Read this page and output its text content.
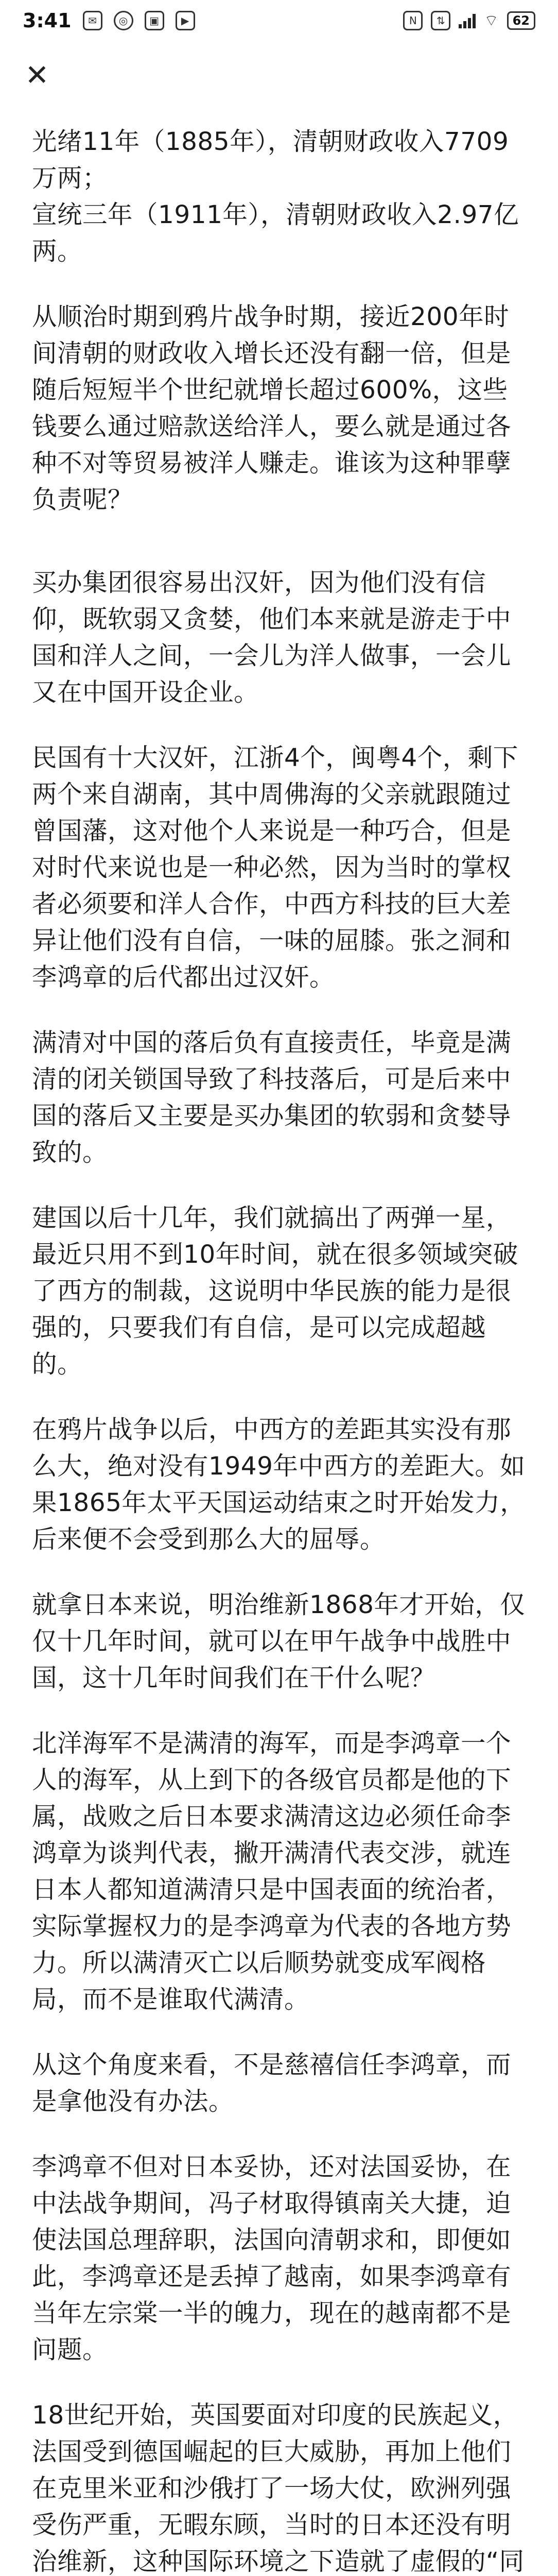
3:41	✉	◎	▣	▶	N	⇅	⌔	62
✕

光绪11年（1885年），清朝财政收入7709万两；
宣统三年（1911年），清朝财政收入2.97亿两。

从顺治时期到鸦片战争时期，接近200年时间清朝的财政收入增长还没有翻一倍，但是随后短短半个世纪就增长超过600%，这些钱要么通过赔款送给洋人，要么就是通过各种不对等贸易被洋人赚走。谁该为这种罪孽负责呢？

买办集团很容易出汉奸，因为他们没有信仰，既软弱又贪婪，他们本来就是游走于中国和洋人之间，一会儿为洋人做事，一会儿又在中国开设企业。

民国有十大汉奸，江浙4个，闽粤4个，剩下两个来自湖南，其中周佛海的父亲就跟随过曾国藩，这对他个人来说是一种巧合，但是对时代来说也是一种必然，因为当时的掌权者必须要和洋人合作，中西方科技的巨大差异让他们没有自信，一味的屈膝。张之洞和李鸿章的后代都出过汉奸。

满清对中国的落后负有直接责任，毕竟是满清的闭关锁国导致了科技落后，可是后来中国的落后又主要是买办集团的软弱和贪婪导致的。

建国以后十几年，我们就搞出了两弹一星，最近只用不到10年时间，就在很多领域突破了西方的制裁，这说明中华民族的能力是很强的，只要我们有自信，是可以完成超越的。

在鸦片战争以后，中西方的差距其实没有那么大，绝对没有1949年中西方的差距大。如果1865年太平天国运动结束之时开始发力，后来便不会受到那么大的屈辱。

就拿日本来说，明治维新1868年才开始，仅仅十几年时间，就可以在甲午战争中战胜中国，这十几年时间我们在干什么呢？

北洋海军不是满清的海军，而是李鸿章一个人的海军，从上到下的各级官员都是他的下属，战败之后日本要求满清这边必须任命李鸿章为谈判代表，撇开满清代表交涉，就连日本人都知道满清只是中国表面的统治者，实际掌握权力的是李鸿章为代表的各地方势力。所以满清灭亡以后顺势就变成军阀格局，而不是谁取代满清。

从这个角度来看，不是慈禧信任李鸿章，而是拿他没有办法。

李鸿章不但对日本妥协，还对法国妥协，在中法战争期间，冯子材取得镇南关大捷，迫使法国总理辞职，法国向清朝求和，即便如此，李鸿章还是丢掉了越南，如果李鸿章有当年左宗棠一半的魄力，现在的越南都不是问题。

18世纪开始，英国要面对印度的民族起义，法国受到德国崛起的巨大威胁，再加上他们在克里米亚和沙俄打了一场大仗，欧洲列强受伤严重，无暇东顾，当时的日本还没有明治维新，这种国际环境之下造就了虚假的“同
